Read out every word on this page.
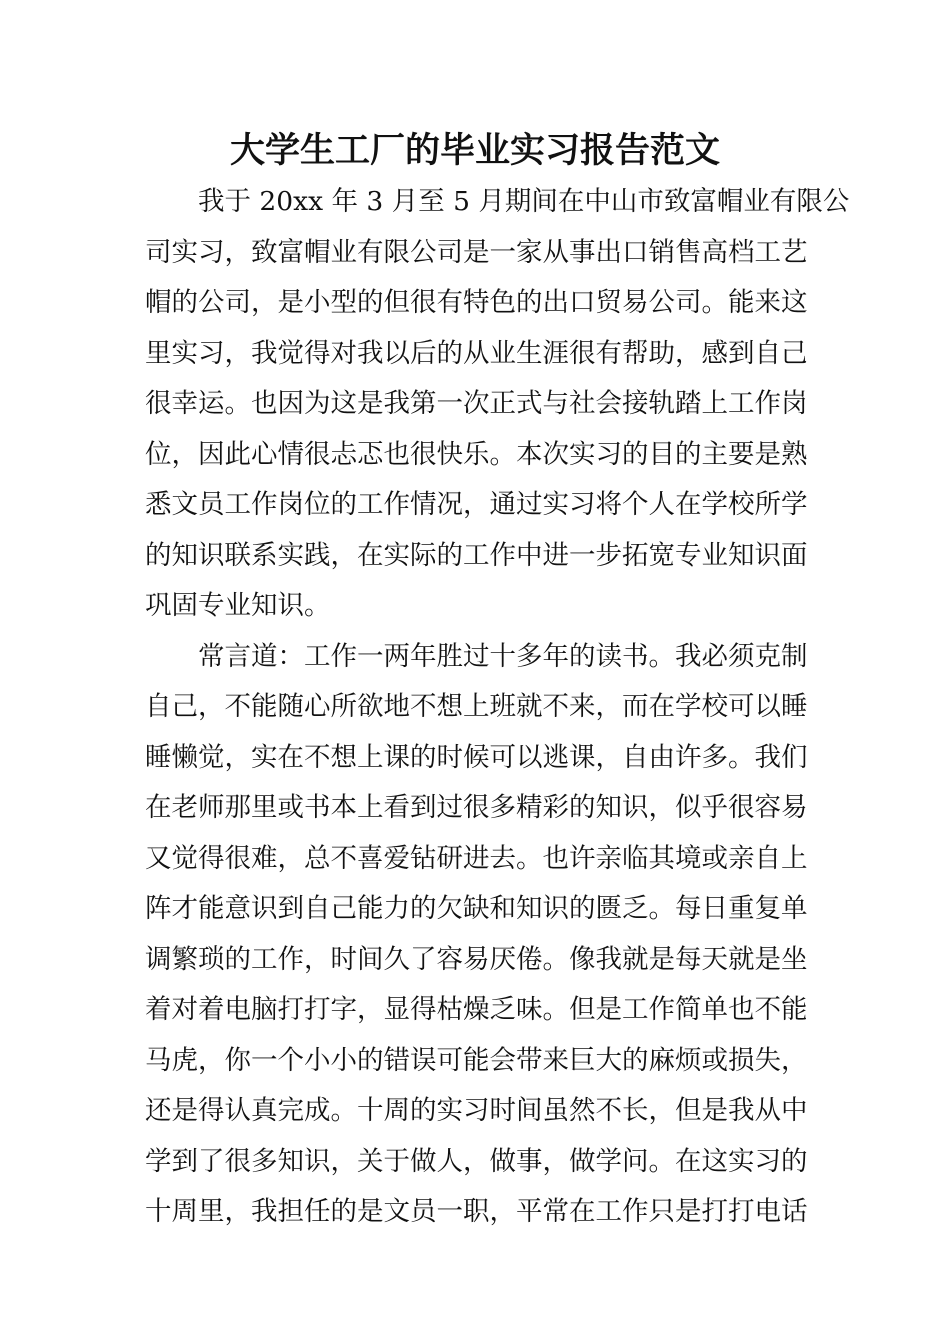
大学生工厂的毕业实习报告范文
我于 20xx 年 3 月至 5 月期间在中山市致富帽业有限公
司实习，致富帽业有限公司是一家从事出口销售高档工艺
帽的公司，是小型的但很有特色的出口贸易公司。能来这
里实习，我觉得对我以后的从业生涯很有帮助，感到自己
很幸运。也因为这是我第一次正式与社会接轨踏上工作岗
位，因此心情很忐忑也很快乐。本次实习的目的主要是熟
悉文员工作岗位的工作情况，通过实习将个人在学校所学
的知识联系实践，在实际的工作中进一步拓宽专业知识面
巩固专业知识。
常言道：工作一两年胜过十多年的读书。我必须克制
自己，不能随心所欲地不想上班就不来，而在学校可以睡
睡懒觉，实在不想上课的时候可以逃课，自由许多。我们
在老师那里或书本上看到过很多精彩的知识，似乎很容易
又觉得很难，总不喜爱钻研进去。也许亲临其境或亲自上
阵才能意识到自己能力的欠缺和知识的匮乏。每日重复单
调繁琐的工作，时间久了容易厌倦。像我就是每天就是坐
着对着电脑打打字，显得枯燥乏味。但是工作简单也不能
马虎，你一个小小的错误可能会带来巨大的麻烦或损失，
还是得认真完成。十周的实习时间虽然不长，但是我从中
学到了很多知识，关于做人，做事，做学问。在这实习的
十周里，我担任的是文员一职，平常在工作只是打打电话
